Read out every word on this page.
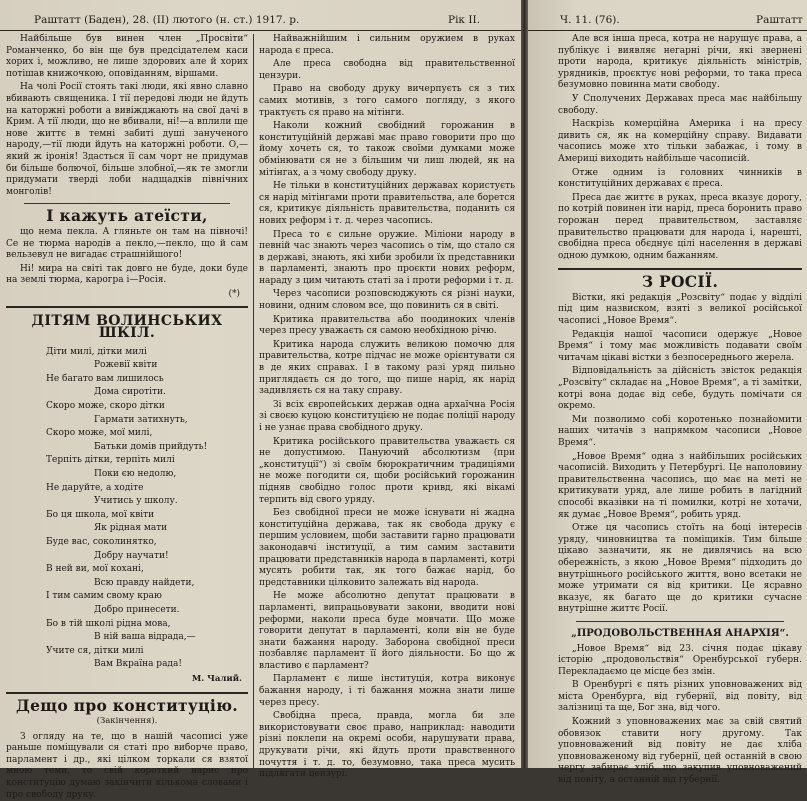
Раштатт (Баден), 28. (II) лютого (н. ст.) 1917. р.	Рік II.

Найбільше був винен член „Просвіти“ Романченко, бо він ще був предсідателем каси хорих і, можливо, не лише здорових але й хорих потішав книжочкою, оповіданням, віршами.

На чолі Росії стоять такі люди, які явно славно вбивають священика. І тії передові люди не йдуть на каторжні роботи а вивіжджають на свої дачі в Крим. А тії люди, що не вбивали, ні!—а вплили ще нове життє в темні забиті душі занученого народу,—тії люди йдуть на каторжні роботи. О,—який ж іронія! Здасться її сам чорт не придумав би більше болючої, більше злобної,—як те змогли придумати тверді лоби надщадків північних монголів!

І кажуть атеїсти,

що нема пекла. А гляньте он там на півночі! Се не тюрма народів а пекло,—пекло, що й сам вельзевул не вигадає страшнійшого!

Ні! мира на світі так довго не буде, доки буде на землі тюрма, карогра і—Росія.

(*)
ДІТЯМ ВОЛИНСЬКИХ ШКІЛ.
Діти милі, дітки милі
Рожевії квіти
Не багато вам лишилось
Дома сиротіти.
Скоро може, скоро дітки
Гармати затихнуть,
Скоро може, мої милі,
Батьки домів прийдуть!
Терпіть дітки, терпіть милі
Поки єю недолю,
Не даруйте, а ходіте
Учитись у школу.
Бо ця школа, мої квіти
Як рідная мати
Буде вас, соколинятко,
Добру научати!
В ней ви, мої кохані,
Всю правду найдети,
І тим самим свому краю
Добро принесети.
Бо в тій школі рідна мова,
В ній ваша відрада,—
Учите ся, дітки милі
Вам Вкраїна рада!
М. Чалий.
Дещо про конституцію.
(Закінчення).

З огляду на те, що в нашій часописі уже раньше поміщували ся статі про виборче право, парламент і др., які цілком торкали ся взятої мною теми, то свій короткий нарис про конституцію думаю закінчити кількома словами і про свободу друку.

Найважнійшим і сильним оружием в руках народа є преса.

Але преса свободна від правительственної цензури.

Право на свободу друку вичерпуєть ся з тих самих мотивів, з того самого погляду, з якого трактуєть ся право на мітінги.

Наколи кожний свобідний горожанин в конституційній державі має право говорити про що йому хочеть ся, то також своїми думками може обмінювати ся не з більшим чи лиш людей, як на мітінгах, а з чому свободу друку.

Не тільки в конституційних державах користуєть ся нарід мітінгами проти правительства, але борется ся, критикує діяльність правительства, поданить ся новиx реформ і т. д. через часопись.

Преса то є сильне оружие. Міліони народу в певній час знають через часопись о тім, що стало ся в державі, знають, які хиби зробили їх представники в парламенті, знають про проєкти нових реформ, нараду з цим читають статі за і проти реформи і т. д.

Через часописи розповсюджують ся різні науки, новини, одним словом все, що повинить ся в світі.

Критика правительства або поодиноких членів через пресу уважаєть ся самою необхідною річю.

Критика народа служить великою помочю для правительства, котре підчас не може орієнтувати ся в де яких справах. І в такому разі уряд пильно приглядаєть ся до того, що пише нарід, як нарід задивляєть ся на таку справу.

Зі всіх європейських держав одна архаїчна Росія зі своєю куцою конституцією не подає поліції народу і не узнає права свобідного друку.

Критика російського правительства уважаєть ся не допустимою. Пануючий абсолютизм (при „конституції“) зі своїм бюрократичним традиціями не може погодити ся, щоби російський горожанин підняв свобідно голос проти кривд, які вікамі терпить від свого уряду.

Без свобідної преси не може існувати ні жадна конституційна держава, так як свобода друку є першим условием, щоби заставити гарно працювати законодавчі інституції, а тим самим заставити працювати представників народа в парламенті, котрі мусять робити так, як того бажає нарід, бо представники цілковито залежать від народа.

Не можe абсолютно депутат працювати в парламенті, випрацьовувати закони, вводити нові реформи, наколи преса буде мовчати. Що може говорити депутат в парламенті, коли він не буде знати бажання народу. Заборона свобідної преси позбавляє парламент її його діяльности. Бо що ж властиво є парламент?

Парламент є лише інституція, котра виконує бажання народу, і ті бажання можна знати лише через пресу.

Свобідна преса, правда, могла би зле використовувати своє право, наприклад: наводити різні поклепи на окремі особи, нарушувати права, друкувати річи, які йдуть проти правственного почуття і т. д. то, безумовно, така преса мусить підлягати цензурі.

Ч. 11. (76).	Раштатт

Але вся інша преса, котра не нарушує права, а публікує і виявляє негарні річи, які звернені проти народа, критикує діяльність міністрів, урядників, проєктує нові реформи, то така преса безумовно повинна мати свободу.

У Сполучених Державах преса має найбільшу свободу.

Наскрізь комерційна Америка і на пресу дивить ся, як на комерційну справу. Видавати часопись може хто тільки забажає, і тому в Америці виходить найбільше часописій.

Отже одним із головних чинників в конституційних державах є преса.

Преса дає життє в рукаx, преса вказує дорогу, по котрій повинен іти нарід, преса боронить право горожан перед правительством, заставляє правительство працювати для народа і, нарешті, свобідна преса обєднує цілі населення в державі одною думкою, одним бажанням.

З РОСІЇ.

Вістки, які редакція „Розсвіту“ подає у відділі під цим назвиском, взяті з великої російської часописі „Новое Время“.

Редакція нашої часописи одержує „Новое Время“ і тому має можливість подавати своїм читачам цікаві вістки з безпосереднього жерела.

Відповідальність за дійсність звісток редакція „Розсвіту“ складає на „Новое Время“, а ті замітки, котрі вона додає від себе, будуть помічати ся окремо.

Ми позволимо собі коротенько познайомити наших читачів з напрямком часописи „Новое Время“.

„Новое Время“ одна з найбільших російських часописій. Виходить у Петербургі. Це наполовину правительственна часопись, що має на меті не критикувати уряд, але лише робить в лагідний способі вказівки на ті помилки, котрі не хотачи, як думає „Новое Время“, робить уряд.

Отже ця часопись стоїть на боці інтересів уряду, чиновництва та поміщиків. Тим більше цікаво зазначити, як не дивлячись на всю обережність, з якою „Новое Время“ підходить до внутрішнього російського життя, воно всетаки не може утримати ся від критики. Це ясрaвно вказує, як багато ще до критики сучасне внутрішне життє Росії.

„ПРОДОВОЛЬСТВЕННАЯ АНАРХІЯ“.

„Новое Время“ від 23. січня подає цікаву історію „продовольствія“ Оренбурської губерн. Перекладаємо це місце без змін.

В Оренбургі є пять різних уповноважених від міста Оренбурга, від губернії, від повіту, від залізниці та ще, Бог зна, від чого.

Кожний з уповноважених має за свій святий обовязок ставити ногу другому. Так уповноважений від повіту не дає хліба уповноваженому від губернії, цей останній в свою чергу забирає хліб, що закупив уповноважений від повіту, а останній від губернії.
